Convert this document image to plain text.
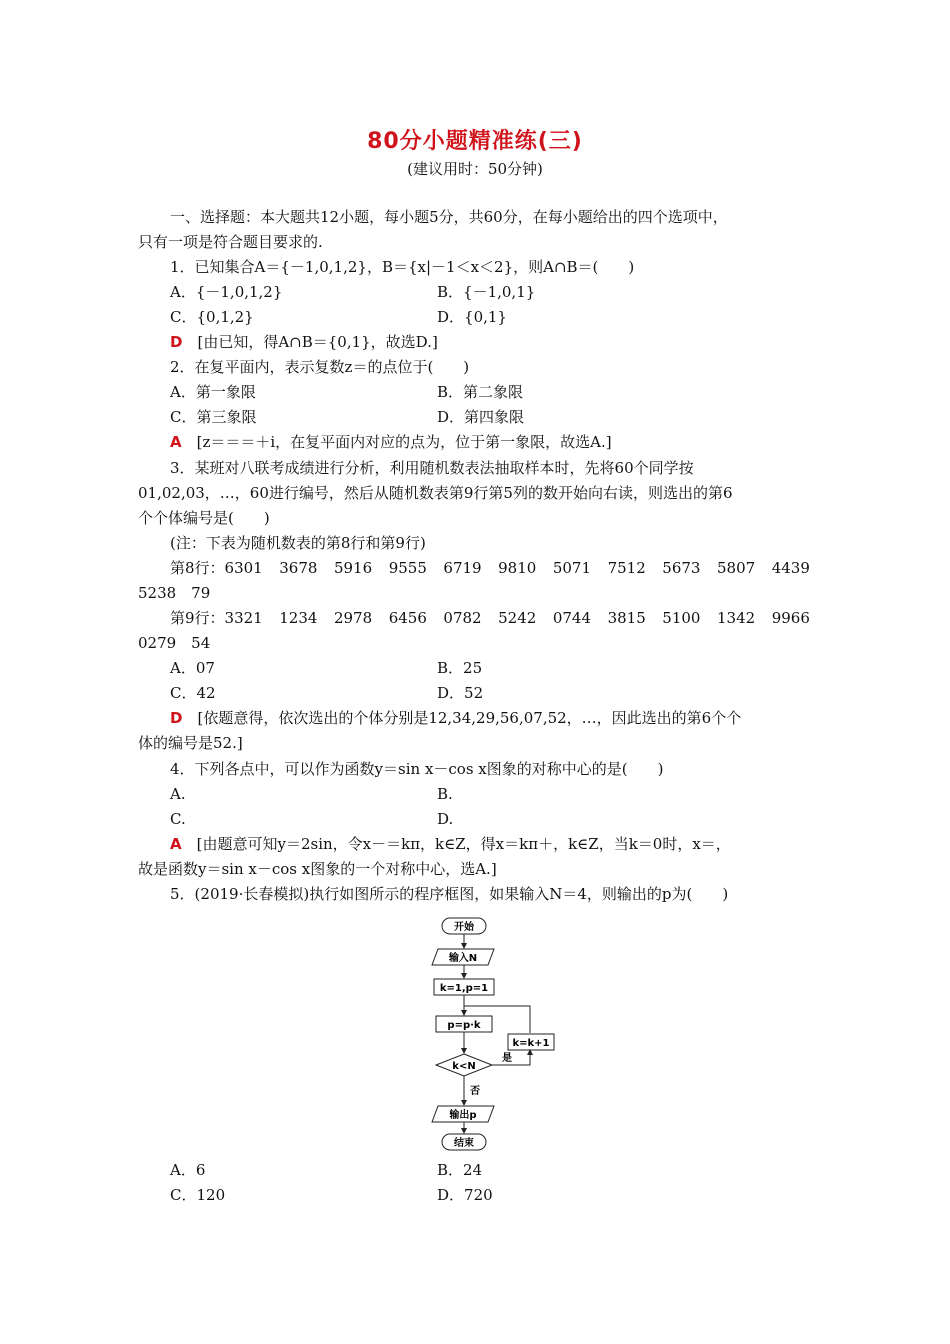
80分小题精准练(三)
(建议用时：50分钟)
一、选择题：本大题共12小题，每小题5分，共60分，在每小题给出的四个选项中，
只有一项是符合题目要求的.
1．已知集合A＝{－1,0,1,2}，B＝{x|－1＜x＜2}，则A∩B＝(　　)
A．{－1,0,1,2}	B．{－1,0,1}
C．{0,1,2}	D．{0,1}
D　 [由已知，得A∩B＝{0,1}，故选D.]
2．在复平面内，表示复数z＝的点位于(　　)
A．第一象限	B．第二象限
C．第三象限	D．第四象限
A　 [z＝＝＝＋i，在复平面内对应的点为，位于第一象限，故选A.]
3．某班对八联考成绩进行分析，利用随机数表法抽取样本时，先将60个同学按
01,02,03，…，60进行编号，然后从随机数表第9行第5列的数开始向右读，则选出的第6
个个体编号是(　　)
(注：下表为随机数表的第8行和第9行)
第8行：6301 3678 5916 9555 6719 9810 5071 7512 5673 5807 4439
5238　79
第9行：3321 1234 2978 6456 0782 5242 0744 3815 5100 1342 9966
0279　54
A．07	B．25
C．42	D．52
D　 [依题意得，依次选出的个体分别是12,34,29,56,07,52，…，因此选出的第6个个
体的编号是52.]
4．下列各点中，可以作为函数y＝sin x－cos x图象的对称中心的是(　　)
A.	B.
C.	D.
A　 [由题意可知y＝2sin，令x－＝kπ，k∈Z，得x＝kπ＋，k∈Z，当k＝0时，x＝，
故是函数y＝sin x－cos x图象的一个对称中心，选A.]
5．(2019·长春模拟)执行如图所示的程序框图，如果输入N＝4，则输出的p为(　　)
开始
输入N
k=1,p=1
p=p·k
k<N
是
k=k+1
否
输出p
结束
A．6	B．24
C．120	D．720
